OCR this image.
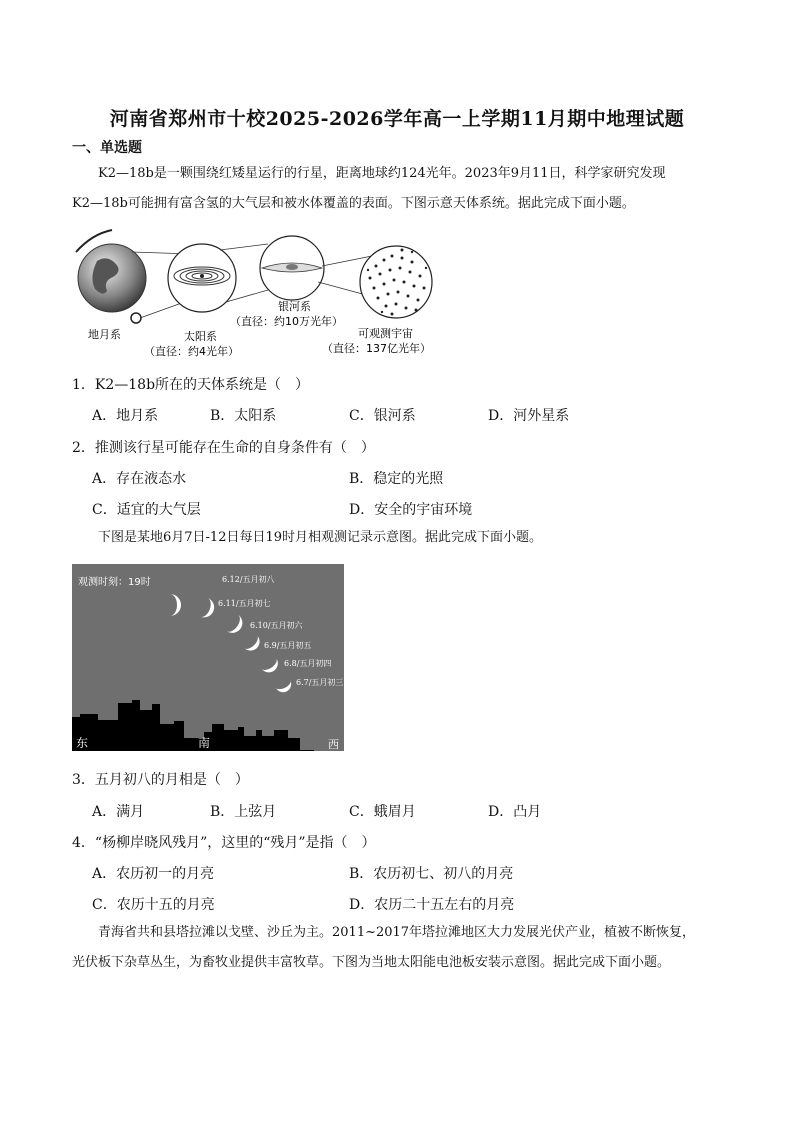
河南省郑州市十校2025-2026学年高一上学期11月期中地理试题
一、单选题
K2—18b是一颗围绕红矮星运行的行星，距离地球约124光年。2023年9月11日，科学家研究发现
K2—18b可能拥有富含氢的大气层和被水体覆盖的表面。下图示意天体系统。据此完成下面小题。
地月系	太阳系
（直径：约4光年）
银河系
（直径：约10万光年）
可观测宇宙
（直径：137亿光年）
1．K2—18b所在的天体系统是（　）
A．地月系	B．太阳系	C．银河系	D．河外星系
2．推测该行星可能存在生命的自身条件有（　）
A．存在液态水	B．稳定的光照
C．适宜的大气层	D．安全的宇宙环境
下图是某地6月7日-12日每日19时月相观测记录示意图。据此完成下面小题。
观测时刻：19时	6.12/五月初八
6.11/五月初七
6.10/五月初六
6.9/五月初五
6.8/五月初四
6.7/五月初三
东	南	西
3．五月初八的月相是（　）
A．满月	B．上弦月	C．蛾眉月	D．凸月
4．“杨柳岸晓风残月”，这里的“残月”是指（　）
A．农历初一的月亮	B．农历初七、初八的月亮
C．农历十五的月亮	D．农历二十五左右的月亮
青海省共和县塔拉滩以戈壁、沙丘为主。2011~2017年塔拉滩地区大力发展光伏产业，植被不断恢复，
光伏板下杂草丛生，为畜牧业提供丰富牧草。下图为当地太阳能电池板安装示意图。据此完成下面小题。
